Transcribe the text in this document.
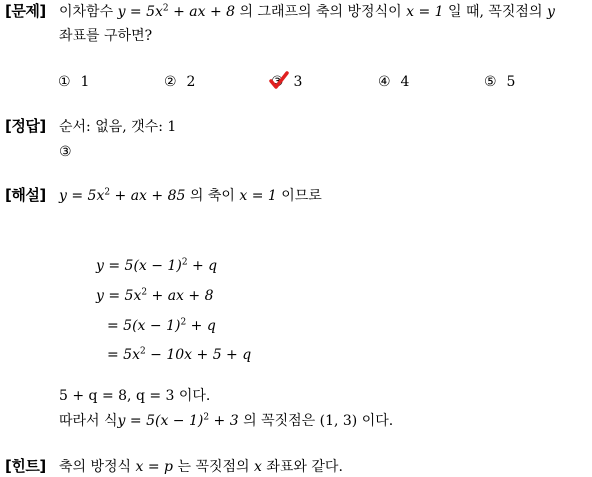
[문제] 이차함수 $y = 5x^2$ + ax + 8 의 그래프의 축의 방정식이 x = 1 일 때, 꼭짓점의 y
좌표를 구하면?
① 1	② 2	③ 3	④ 4	⑤ 5
[정답] 순서: 없음, 갯수: 1
③
[해설] $y = 5x^2$ + ax + 85 의 축이 x = 1 이므로
$y = 5(x - 1)^2 + q$
$y = 5x^2$ + ax + 8
= $5(x - 1)^2 + q$
= $5x^2 - 10x + 5 + q$
5 + q = 8, q = 3 이다.
따라서 식$y = 5(x - 1)^2 + 3$ 의 꼭짓점은 (1, 3) 이다.
[힌트] 축의 방정식 x = p 는 꼭짓점의 x 좌표와 같다.
